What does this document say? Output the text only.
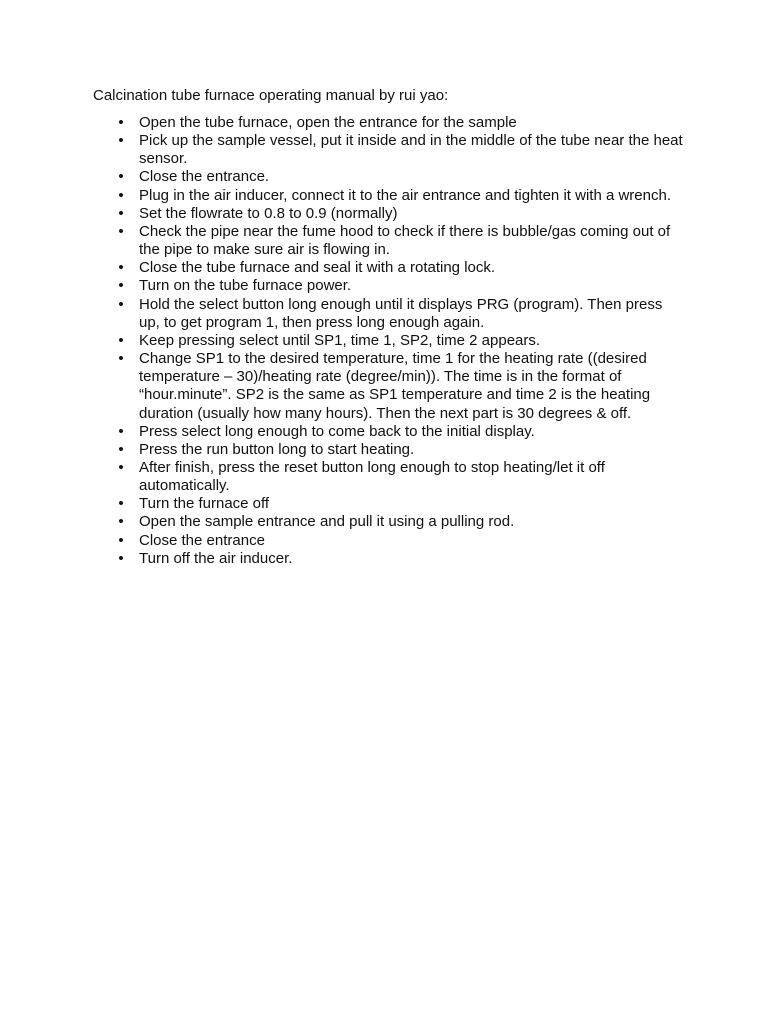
Calcination tube furnace operating manual by rui yao:
• Open the tube furnace, open the entrance for the sample
• Pick up the sample vessel, put it inside and in the middle of the tube near the heat sensor.
• Close the entrance.
• Plug in the air inducer, connect it to the air entrance and tighten it with a wrench.
• Set the flowrate to 0.8 to 0.9 (normally)
• Check the pipe near the fume hood to check if there is bubble/gas coming out of the pipe to make sure air is flowing in.
• Close the tube furnace and seal it with a rotating lock.
• Turn on the tube furnace power.
• Hold the select button long enough until it displays PRG (program). Then press up, to get program 1, then press long enough again.
• Keep pressing select until SP1, time 1, SP2, time 2 appears.
• Change SP1 to the desired temperature, time 1 for the heating rate ((desired temperature – 30)/heating rate (degree/min)). The time is in the format of “hour.minute”. SP2 is the same as SP1 temperature and time 2 is the heating duration (usually how many hours). Then the next part is 30 degrees & off.
• Press select long enough to come back to the initial display.
• Press the run button long to start heating.
• After finish, press the reset button long enough to stop heating/let it off automatically.
• Turn the furnace off
• Open the sample entrance and pull it using a pulling rod.
• Close the entrance
• Turn off the air inducer.
